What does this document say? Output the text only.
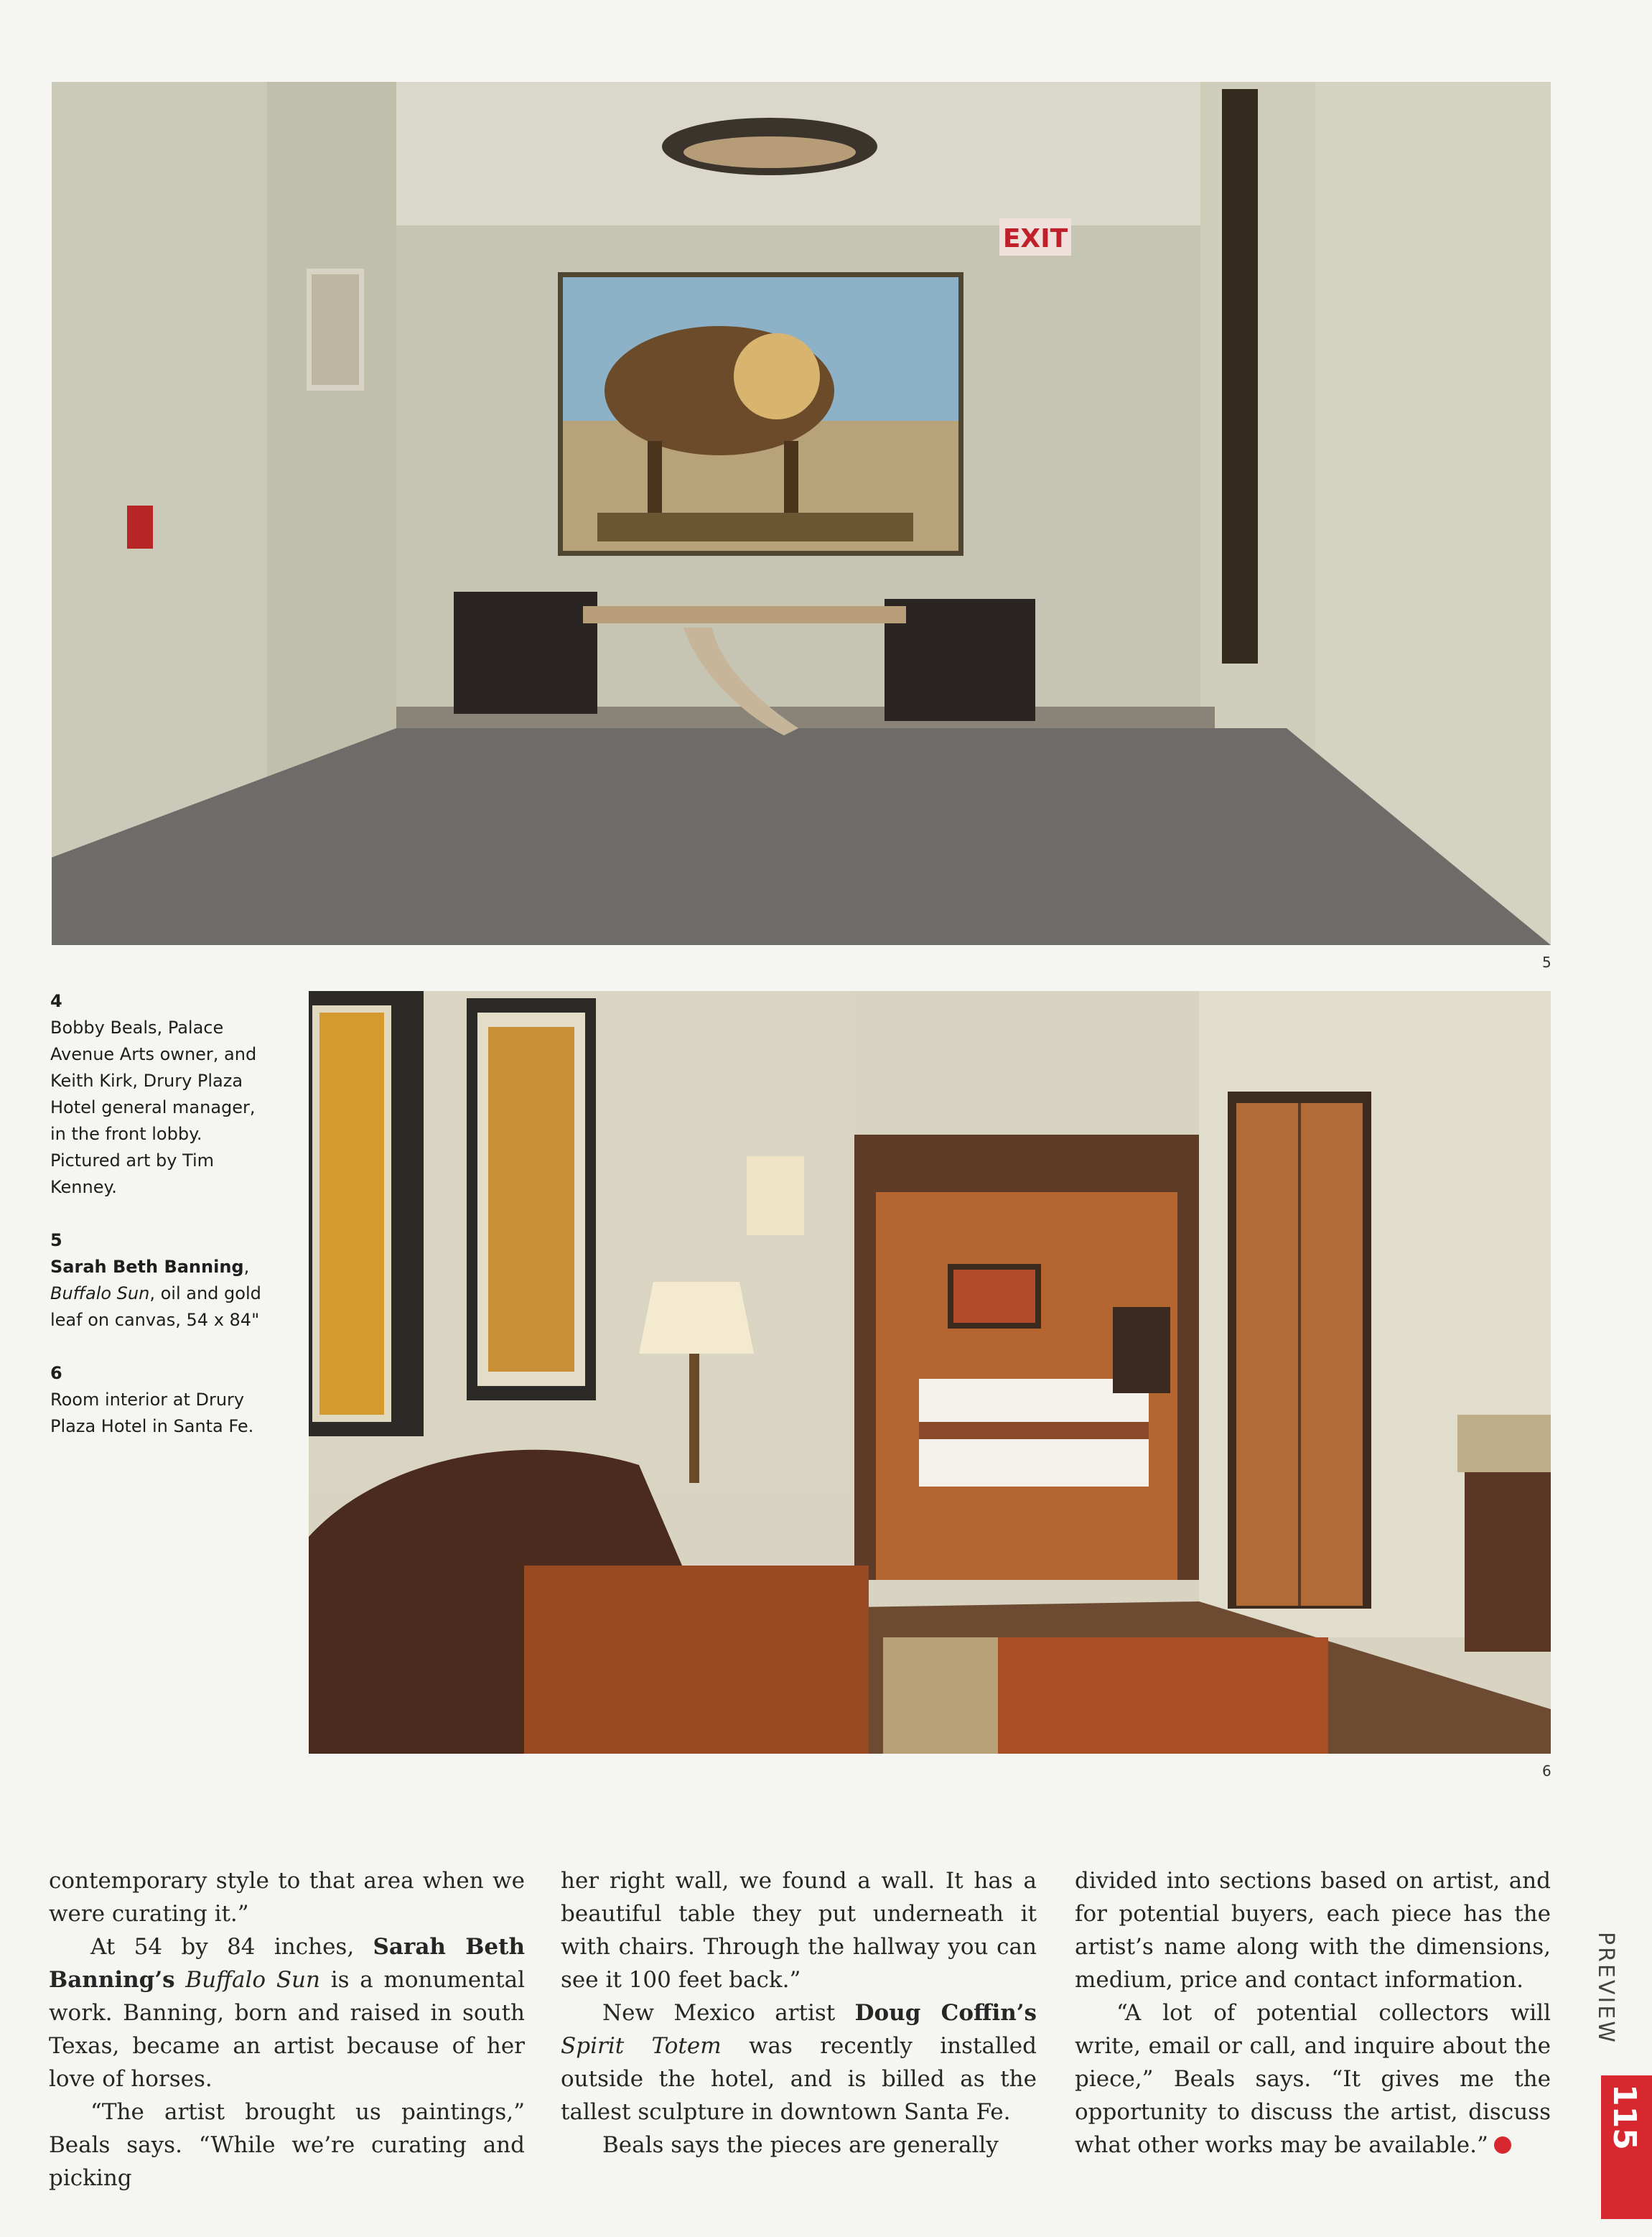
EXIT
5
6
4
Bobby Beals, Palace Avenue Arts owner, and Keith Kirk, Drury Plaza Hotel general manager, in the front lobby. Pictured art by Tim Kenney.
5
Sarah Beth Banning, Buffalo Sun, oil and gold leaf on canvas, 54 x 84"
6
Room interior at Drury Plaza Hotel in Santa Fe.

contemporary style to that area when we were curating it.”

At 54 by 84 inches, Sarah Beth Banning’s Buffalo Sun is a monumental work. Banning, born and raised in south Texas, became an artist because of her love of horses.

“The artist brought us paintings,” Beals says. “While we’re curating and picking

her right wall, we found a wall. It has a beautiful table they put underneath it with chairs. Through the hallway you can see it 100 feet back.”

New Mexico artist Doug Coffin’s Spirit Totem was recently installed outside the hotel, and is billed as the tallest sculpture in downtown Santa Fe.

Beals says the pieces are generally

divided into sections based on artist, and for potential buyers, each piece has the artist’s name along with the dimensions, medium, price and contact information.

“A lot of potential collectors will write, email or call, and inquire about the piece,” Beals says. “It gives me the opportunity to discuss the artist, discuss what other works may be available.”

PREVIEW
115
